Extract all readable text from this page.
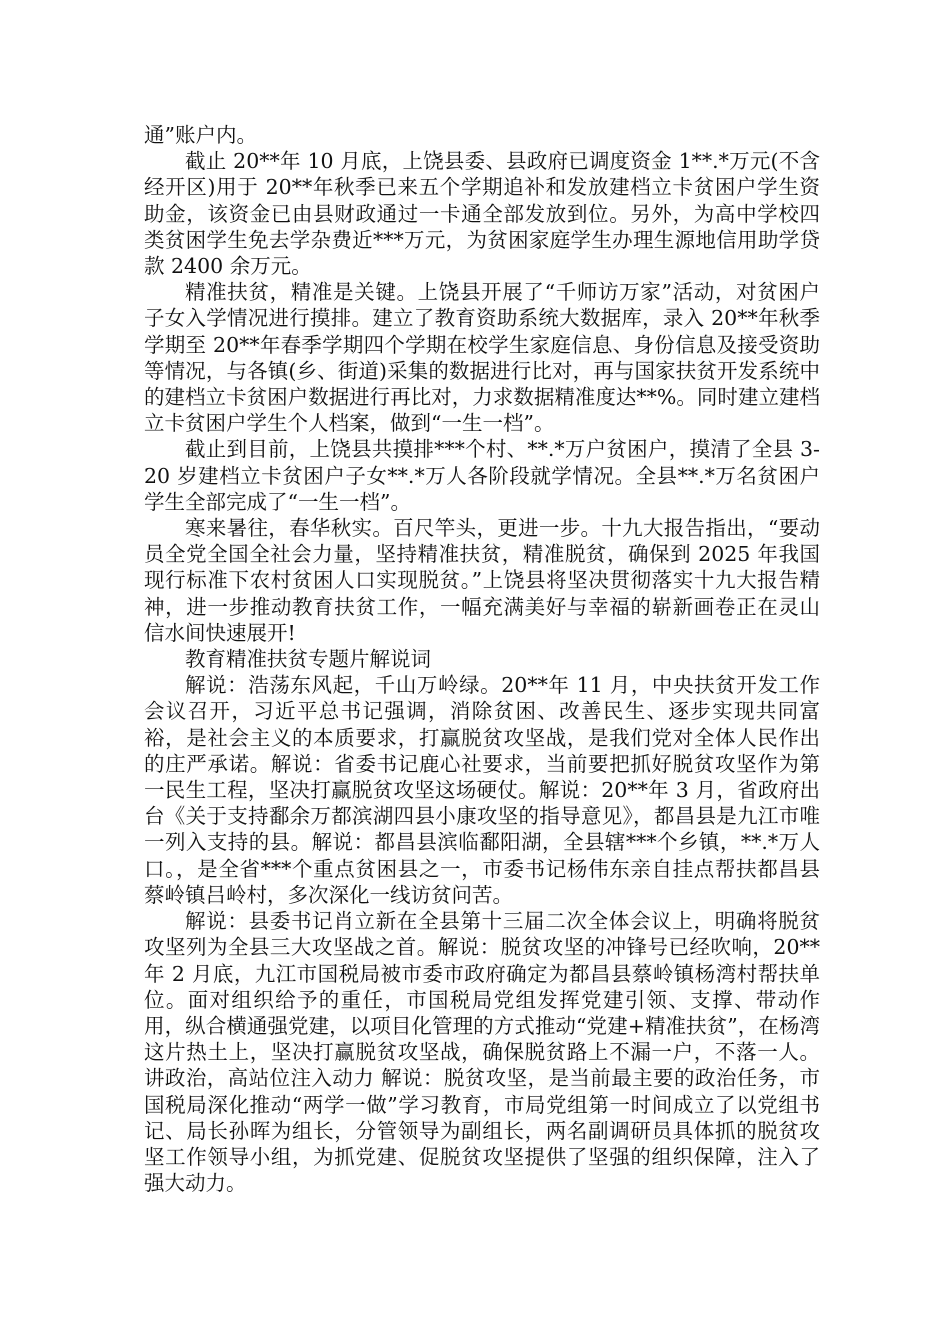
通”账户内。

截止 20**年 10 月底，上饶县委、县政府已调度资金 1**.*万元(不含经开区)用于 20**年秋季已来五个学期追补和发放建档立卡贫困户学生资助金，该资金已由县财政通过一卡通全部发放到位。另外，为高中学校四类贫困学生免去学杂费近***万元，为贫困家庭学生办理生源地信用助学贷款 2400 余万元。

精准扶贫，精准是关键。上饶县开展了“千师访万家”活动，对贫困户子女入学情况进行摸排。建立了教育资助系统大数据库，录入 20**年秋季学期至 20**年春季学期四个学期在校学生家庭信息、身份信息及接受资助等情况，与各镇(乡、街道)采集的数据进行比对，再与国家扶贫开发系统中的建档立卡贫困户数据进行再比对，力求数据精准度达**%。同时建立建档立卡贫困户学生个人档案，做到“一生一档”。

截止到目前，上饶县共摸排***个村、**.*万户贫困户，摸清了全县 3-20 岁建档立卡贫困户子女**.*万人各阶段就学情况。全县**.*万名贫困户学生全部完成了“一生一档”。

寒来暑往，春华秋实。百尺竿头，更进一步。十九大报告指出，“要动员全党全国全社会力量，坚持精准扶贫，精准脱贫，确保到 2025 年我国现行标准下农村贫困人口实现脱贫。”上饶县将坚决贯彻落实十九大报告精神，进一步推动教育扶贫工作，一幅充满美好与幸福的崭新画卷正在灵山信水间快速展开!

教育精准扶贫专题片解说词

解说：浩荡东风起，千山万岭绿。20**年 11 月，中央扶贫开发工作会议召开，习近平总书记强调，消除贫困、改善民生、逐步实现共同富裕，是社会主义的本质要求，打赢脱贫攻坚战，是我们党对全体人民作出的庄严承诺。解说：省委书记鹿心社要求，当前要把抓好脱贫攻坚作为第一民生工程，坚决打赢脱贫攻坚这场硬仗。解说：20**年 3 月，省政府出台《关于支持鄱余万都滨湖四县小康攻坚的指导意见》，都昌县是九江市唯一列入支持的县。解说：都昌县滨临鄱阳湖，全县辖***个乡镇，**.*万人口。，是全省***个重点贫困县之一，市委书记杨伟东亲自挂点帮扶都昌县蔡岭镇吕岭村，多次深化一线访贫问苦。

解说：县委书记肖立新在全县第十三届二次全体会议上，明确将脱贫攻坚列为全县三大攻坚战之首。解说：脱贫攻坚的冲锋号已经吹响，20**年 2 月底，九江市国税局被市委市政府确定为都昌县蔡岭镇杨湾村帮扶单位。面对组织给予的重任，市国税局党组发挥党建引领、支撑、带动作用，纵合横通强党建，以项目化管理的方式推动“党建+精准扶贫”，在杨湾这片热土上，坚决打赢脱贫攻坚战，确保脱贫路上不漏一户，不落一人。讲政治，高站位注入动力 解说：脱贫攻坚，是当前最主要的政治任务，市国税局深化推动“两学一做”学习教育，市局党组第一时间成立了以党组书记、局长孙晖为组长，分管领导为副组长，两名副调研员具体抓的脱贫攻坚工作领导小组，为抓党建、促脱贫攻坚提供了坚强的组织保障，注入了强大动力。
